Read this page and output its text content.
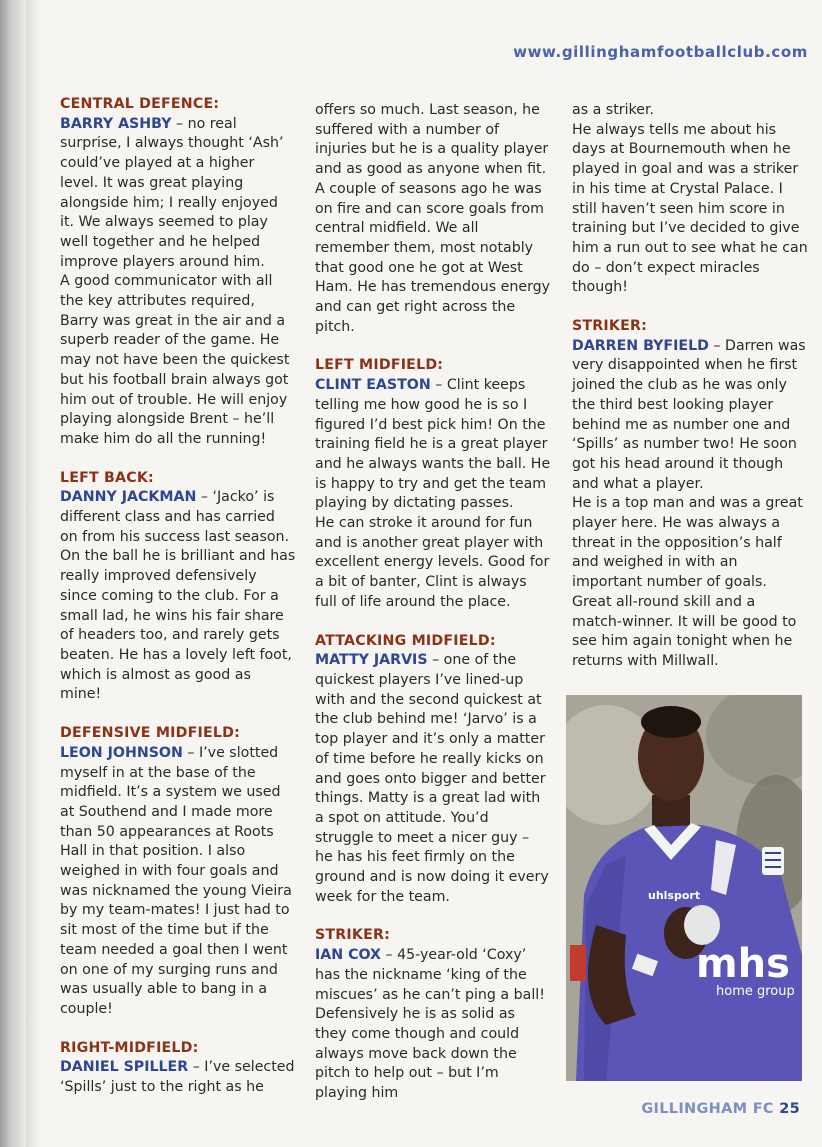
www.gillinghamfootballclub.com
CENTRAL DEFENCE:

BARRY ASHBY – no real surprise, I always thought ‘Ash’ could’ve played at a higher level. It was great playing alongside him; I really enjoyed it. We always seemed to play well together and he helped improve players around him.

A good communicator with all the key attributes required, Barry was great in the air and a superb reader of the game. He may not have been the quickest but his football brain always got him out of trouble. He will enjoy playing alongside Brent – he’ll make him do all the running!

LEFT BACK:

DANNY JACKMAN – ‘Jacko’ is different class and has carried on from his success last season. On the ball he is brilliant and has really improved defensively since coming to the club. For a small lad, he wins his fair share of headers too, and rarely gets beaten. He has a lovely left foot, which is almost as good as mine!

DEFENSIVE MIDFIELD:

LEON JOHNSON – I’ve slotted myself in at the base of the midfield. It’s a system we used at Southend and I made more than 50 appearances at Roots Hall in that position. I also weighed in with four goals and was nicknamed the young Vieira by my team-mates! I just had to sit most of the time but if the team needed a goal then I went on one of my surging runs and was usually able to bang in a couple!

RIGHT-MIDFIELD:

DANIEL SPILLER – I’ve selected ‘Spills’ just to the right as he

offers so much. Last season, he suffered with a number of injuries but he is a quality player and as good as anyone when fit. A couple of seasons ago he was on fire and can score goals from central midfield. We all remember them, most notably that good one he got at West Ham. He has tremendous energy and can get right across the pitch.

LEFT MIDFIELD:

CLINT EASTON – Clint keeps telling me how good he is so I figured I’d best pick him! On the training field he is a great player and he always wants the ball. He is happy to try and get the team playing by dictating passes.

He can stroke it around for fun and is another great player with excellent energy levels. Good for a bit of banter, Clint is always full of life around the place.

ATTACKING MIDFIELD:

MATTY JARVIS – one of the quickest players I’ve lined-up with and the second quickest at the club behind me! ‘Jarvo’ is a top player and it’s only a matter of time before he really kicks on and goes onto bigger and better things. Matty is a great lad with a spot on attitude. You’d struggle to meet a nicer guy – he has his feet firmly on the ground and is now doing it every week for the team.

STRIKER:

IAN COX – 45-year-old ‘Coxy’ has the nickname ‘king of the miscues’ as he can’t ping a ball! Defensively he is as solid as they come though and could always move back down the pitch to help out – but I’m playing him

as a striker.

He always tells me about his days at Bournemouth when he played in goal and was a striker in his time at Crystal Palace. I still haven’t seen him score in training but I’ve decided to give him a run out to see what he can do – don’t expect miracles though!

STRIKER:

DARREN BYFIELD – Darren was very disappointed when he first joined the club as he was only the third best looking player behind me as number one and ‘Spills’ as number two! He soon got his head around it though and what a player.

He is a top man and was a great player here. He was always a threat in the opposition’s half and weighed in with an important number of goals. Great all-round skill and a match-winner. It will be good to see him again tonight when he returns with Millwall.

mhs
home group
uhlsport
GILLINGHAM FC 25
